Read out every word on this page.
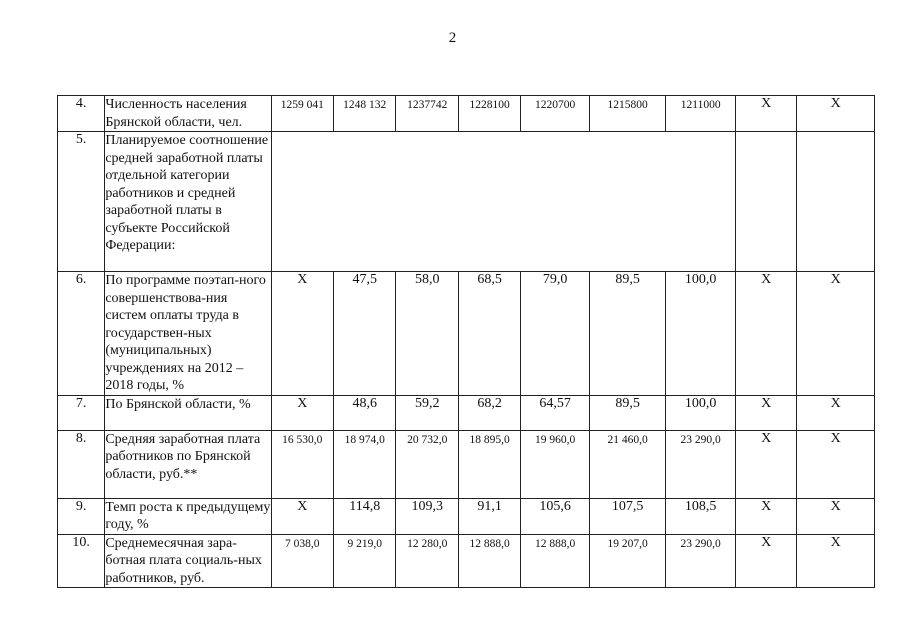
2
4.	Численность населения Брянской области, чел.	1259 041	1248 132	1237742	1228100	1220700	1215800	1211000	X	X
5.	Планируемое соотношение средней заработной платы отдельной категории работников и средней заработной платы в субъекте Российской Федерации:									
6.	По программе поэтап-ного совершенствова-ния систем оплаты труда в государствен-ных (муниципальных) учреждениях на 2012 – 2018 годы, %	X	47,5	58,0	68,5	79,0	89,5	100,0	X	X
7.	По Брянской области, %	X	48,6	59,2	68,2	64,57	89,5	100,0	X	X
8.	Средняя заработная плата работников по Брянской области, руб.**	16 530,0	18 974,0	20 732,0	18 895,0	19 960,0	21 460,0	23 290,0	X	X
9.	Темп роста к предыдущему году, %	X	114,8	109,3	91,1	105,6	107,5	108,5	X	X
10.	Среднемесячная зара-ботная плата социаль-ных работников, руб.	7 038,0	9 219,0	12 280,0	12 888,0	12 888,0	19 207,0	23 290,0	X	X
